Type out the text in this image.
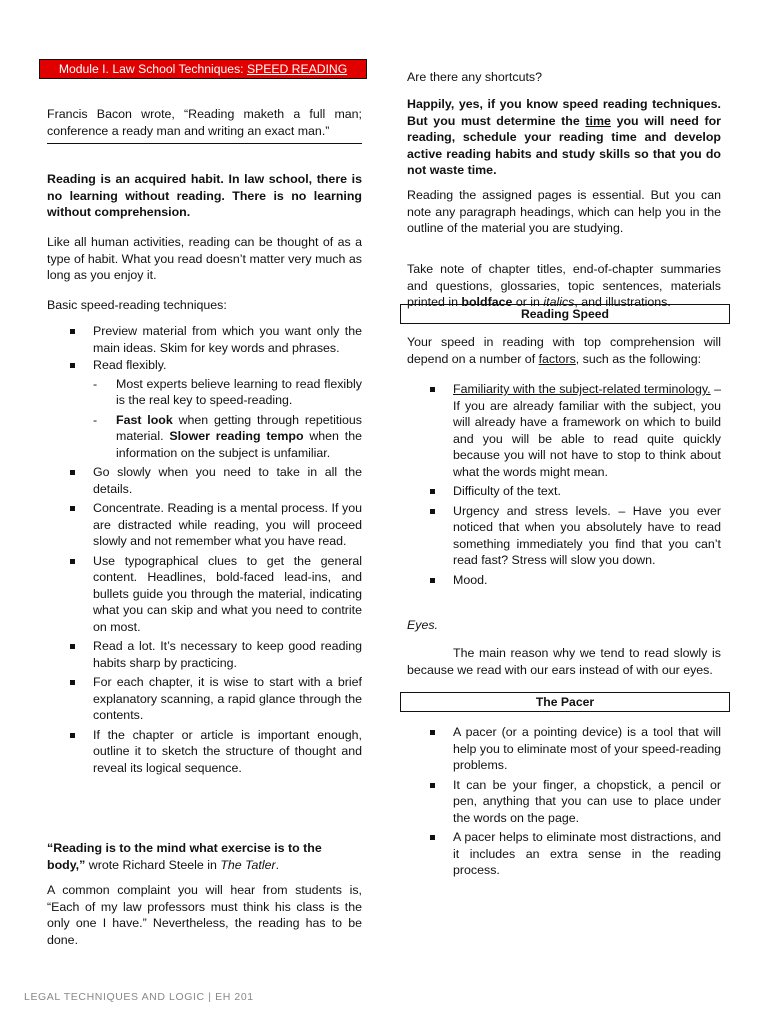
Module I. Law School Techniques: SPEED READING

Francis Bacon wrote, “Reading maketh a full man; conference a ready man and writing an exact man.”

Reading is an acquired habit. In law school, there is no learning without reading. There is no learning without comprehension.

Like all human activities, reading can be thought of as a type of habit. What you read doesn’t matter very much as long as you enjoy it.

Basic speed-reading techniques:

Preview material from which you want only the main ideas. Skim for key words and phrases.
Read flexibly.
- Most experts believe learning to read flexibly is the real key to speed-reading.
- Fast look when getting through repetitious material. Slower reading tempo when the information on the subject is unfamiliar.
Go slowly when you need to take in all the details.
Concentrate. Reading is a mental process. If you are distracted while reading, you will proceed slowly and not remember what you have read.
Use typographical clues to get the general content. Headlines, bold-faced lead-ins, and bullets guide you through the material, indicating what you can skip and what you need to contrite on most.
Read a lot. It’s necessary to keep good reading habits sharp by practicing.
For each chapter, it is wise to start with a brief explanatory scanning, a rapid glance through the contents.
If the chapter or article is important enough, outline it to sketch the structure of thought and reveal its logical sequence.

“Reading is to the mind what exercise is to the body,” wrote Richard Steele in The Tatler.

A common complaint you will hear from students is, “Each of my law professors must think his class is the only one I have.” Nevertheless, the reading has to be done.

Are there any shortcuts?

Happily, yes, if you know speed reading techniques. But you must determine the time you will need for reading, schedule your reading time and develop active reading habits and study skills so that you do not waste time.

Reading the assigned pages is essential. But you can note any paragraph headings, which can help you in the outline of the material you are studying.

Take note of chapter titles, end-of-chapter summaries and questions, glossaries, topic sentences, materials printed in boldface or in italics, and illustrations.

Reading Speed

Your speed in reading with top comprehension will depend on a number of factors, such as the following:

Familiarity with the subject-related terminology. – If you are already familiar with the subject, you will already have a framework on which to build and you will be able to read quite quickly because you will not have to stop to think about what the words might mean.
Difficulty of the text.
Urgency and stress levels. – Have you ever noticed that when you absolutely have to read something immediately you find that you can’t read fast? Stress will slow you down.
Mood.

Eyes.

The main reason why we tend to read slowly is because we read with our ears instead of with our eyes.

The Pacer
A pacer (or a pointing device) is a tool that will help you to eliminate most of your speed-reading problems.
It can be your finger, a chopstick, a pencil or pen, anything that you can use to place under the words on the page.
A pacer helps to eliminate most distractions, and it includes an extra sense in the reading process.
LEGAL TECHNIQUES AND LOGIC | EH 201
